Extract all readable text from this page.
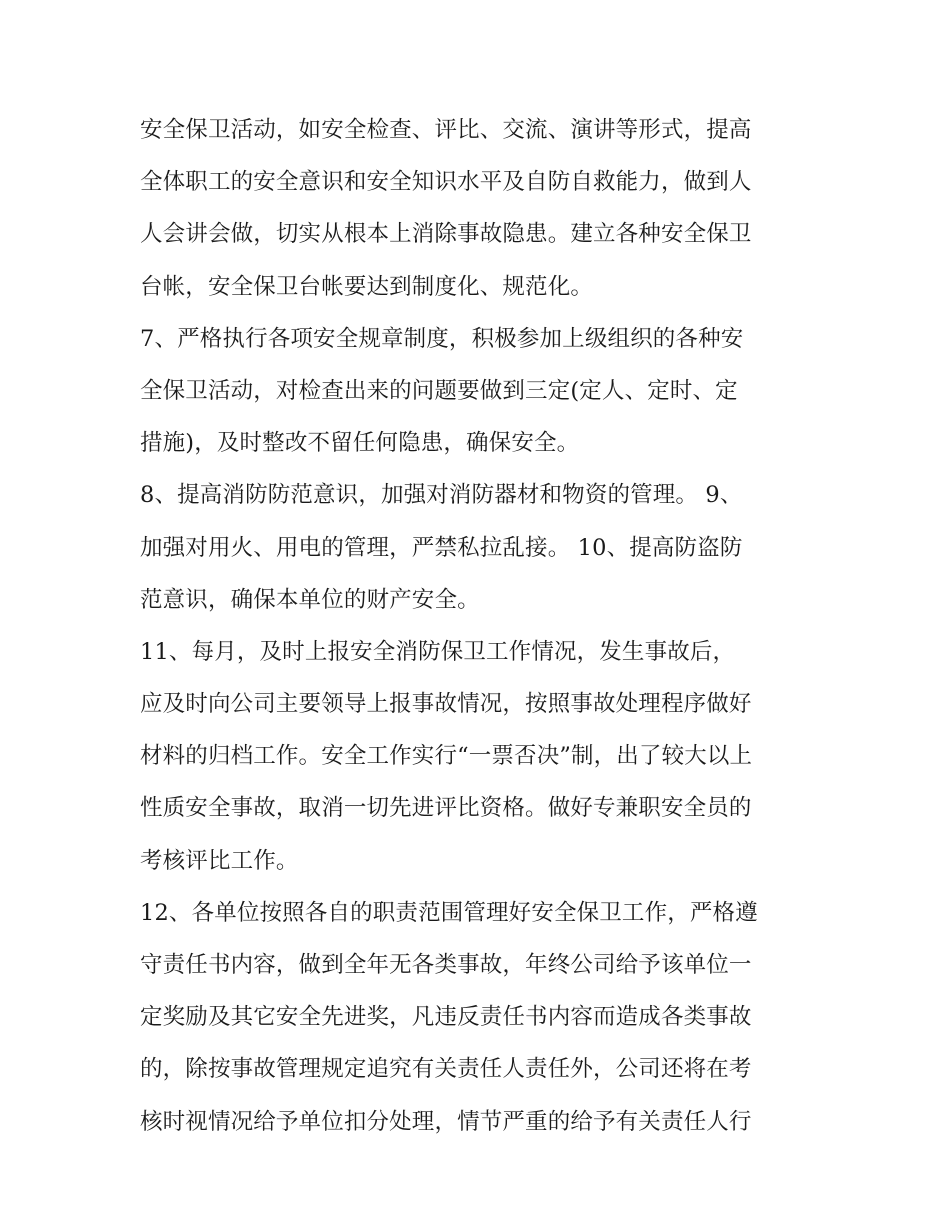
安全保卫活动，如安全检查、评比、交流、演讲等形式，提高
全体职工的安全意识和安全知识水平及自防自救能力，做到人
人会讲会做，切实从根本上消除事故隐患。建立各种安全保卫
台帐，安全保卫台帐要达到制度化、规范化。
7、严格执行各项安全规章制度，积极参加上级组织的各种安
全保卫活动，对检查出来的问题要做到三定(定人、定时、定
措施)，及时整改不留任何隐患，确保安全。
8、提高消防防范意识，加强对消防器材和物资的管理。 9、
加强对用火、用电的管理，严禁私拉乱接。 10、提高防盗防
范意识，确保本单位的财产安全。
11、每月，及时上报安全消防保卫工作情况，发生事故后，
应及时向公司主要领导上报事故情况，按照事故处理程序做好
材料的归档工作。安全工作实行“一票否决”制，出了较大以上
性质安全事故，取消一切先进评比资格。做好专兼职安全员的
考核评比工作。
12、各单位按照各自的职责范围管理好安全保卫工作，严格遵
守责任书内容，做到全年无各类事故，年终公司给予该单位一
定奖励及其它安全先进奖，凡违反责任书内容而造成各类事故
的，除按事故管理规定追究有关责任人责任外，公司还将在考
核时视情况给予单位扣分处理，情节严重的给予有关责任人行
